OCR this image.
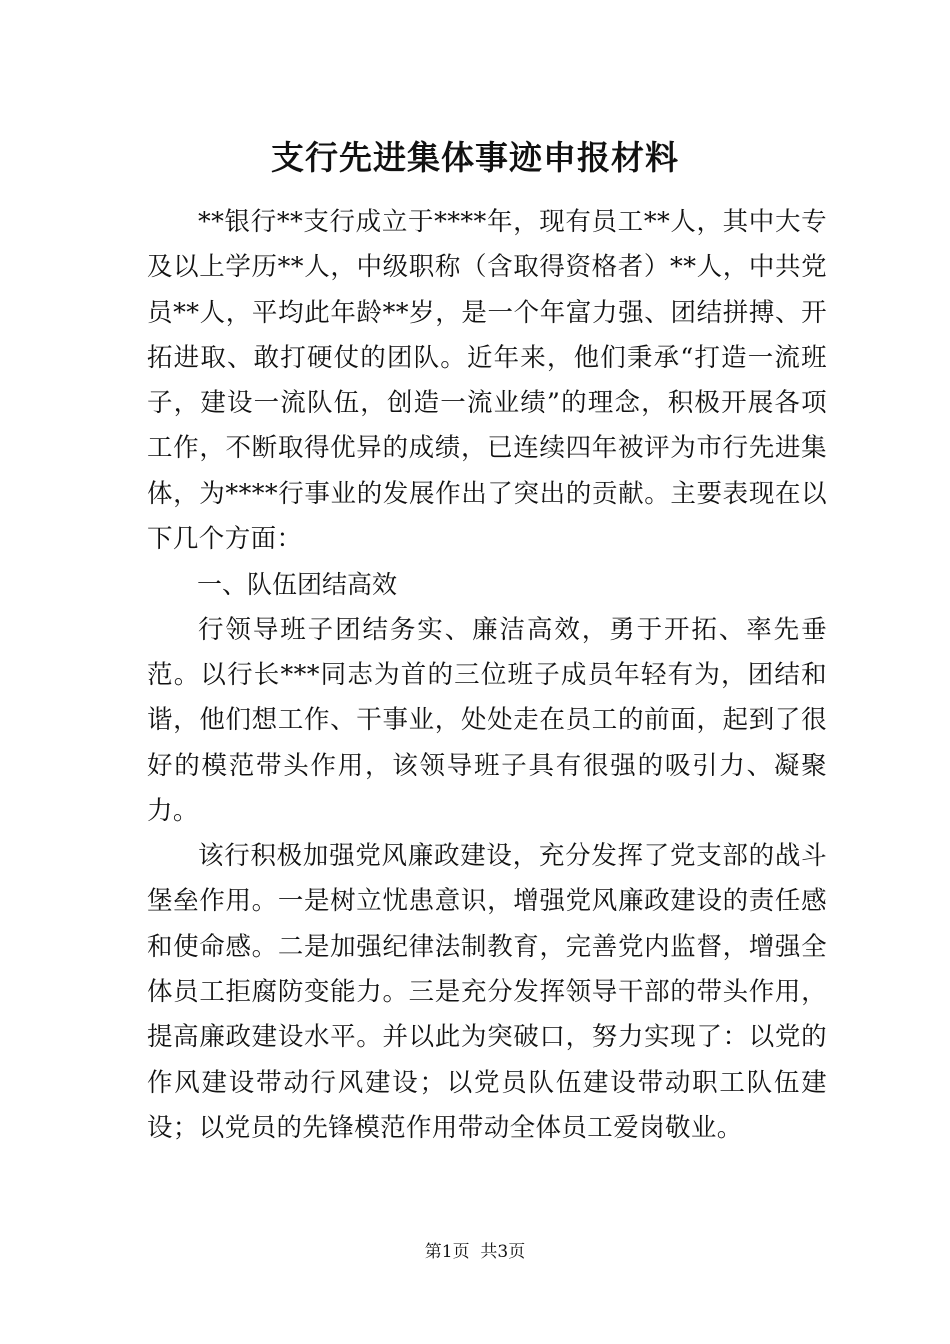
支行先进集体事迹申报材料

**银行**支行成立于****年，现有员工**人，其中大专及以上学历**人，中级职称（含取得资格者）**人，中共党员**人，平均此年龄**岁，是一个年富力强、团结拼搏、开拓进取、敢打硬仗的团队。近年来，他们秉承“打造一流班子，建设一流队伍，创造一流业绩”的理念，积极开展各项工作，不断取得优异的成绩，已连续四年被评为市行先进集体，为****行事业的发展作出了突出的贡献。主要表现在以下几个方面：

一、队伍团结高效

行领导班子团结务实、廉洁高效，勇于开拓、率先垂范。以行长***同志为首的三位班子成员年轻有为，团结和谐，他们想工作、干事业，处处走在员工的前面，起到了很好的模范带头作用，该领导班子具有很强的吸引力、凝聚力。

该行积极加强党风廉政建设，充分发挥了党支部的战斗堡垒作用。一是树立忧患意识，增强党风廉政建设的责任感和使命感。二是加强纪律法制教育，完善党内监督，增强全体员工拒腐防变能力。三是充分发挥领导干部的带头作用，提高廉政建设水平。并以此为突破口，努力实现了：以党的作风建设带动行风建设；以党员队伍建设带动职工队伍建设；以党员的先锋模范作用带动全体员工爱岗敬业。

第1页 共3页
